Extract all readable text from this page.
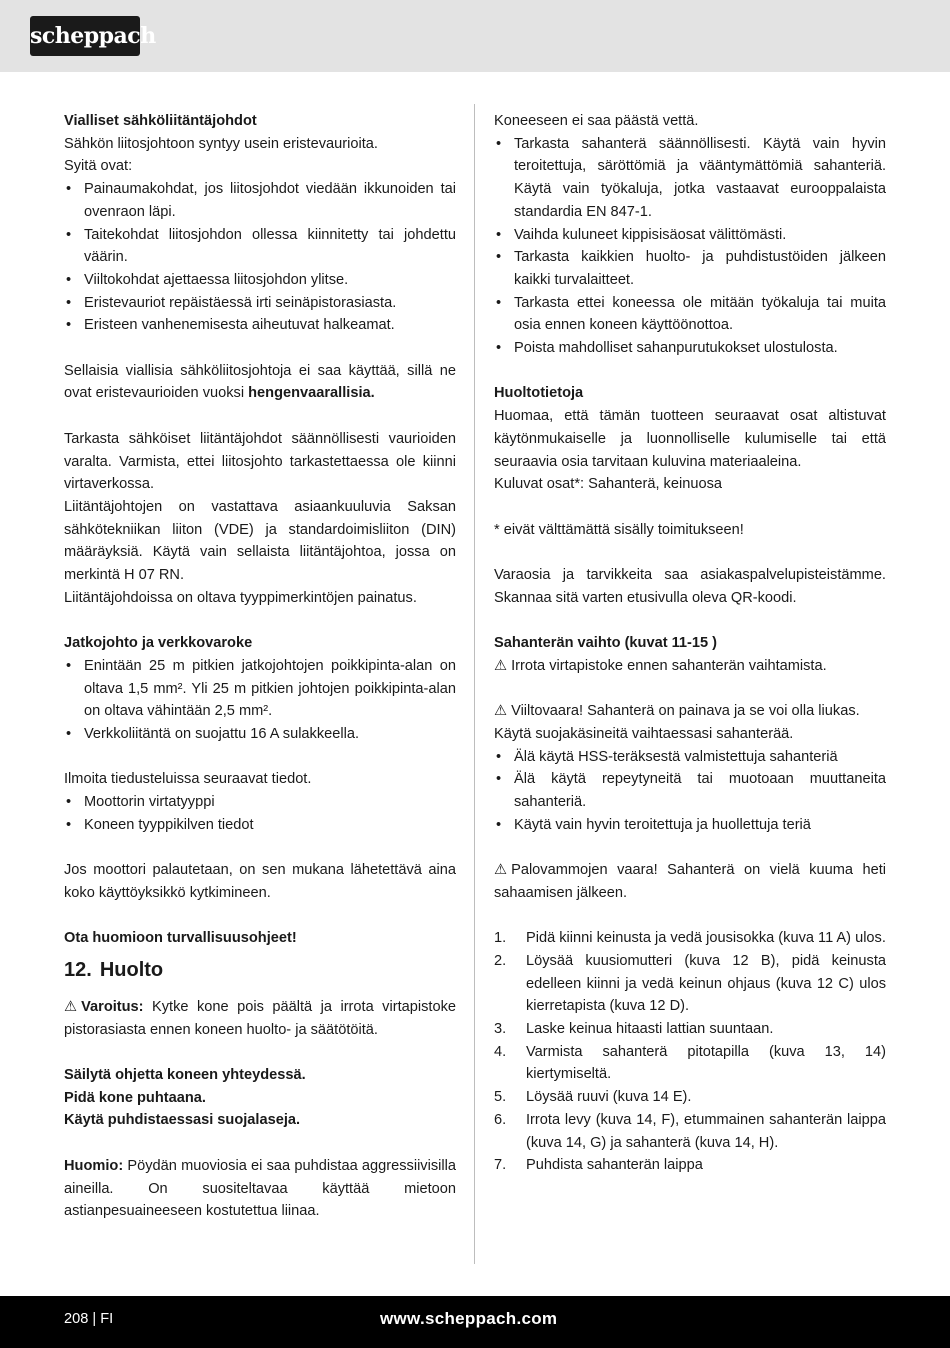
scheppach

Vialliset sähköliitäntäjohdot

Sähkön liitosjohtoon syntyy usein eristevaurioita.

Syitä ovat:

• Painaumakohdat, jos liitosjohdot viedään ikkunoiden tai ovenraon läpi.
• Taitekohdat liitosjohdon ollessa kiinnitetty tai johdettu väärin.
• Viiltokohdat ajettaessa liitosjohdon ylitse.
• Eristevauriot repäistäessä irti seinäpistorasiasta.
• Eristeen vanhenemisesta aiheutuvat halkeamat.

Sellaisia viallisia sähköliitosjohtoja ei saa käyttää, sillä ne ovat eristevaurioiden vuoksi hengenvaarallisia.

Tarkasta sähköiset liitäntäjohdot säännöllisesti vaurioiden varalta. Varmista, ettei liitosjohto tarkastettaessa ole kiinni virtaverkossa.

Liitäntäjohtojen on vastattava asiaankuuluvia Saksan sähkötekniikan liiton (VDE) ja standardoimisliiton (DIN) määräyksiä. Käytä vain sellaista liitäntäjohtoa, jossa on merkintä H 07 RN.

Liitäntäjohdoissa on oltava tyyppimerkintöjen painatus.

Jatkojohto ja verkkovaroke

• Enintään 25 m pitkien jatkojohtojen poikkipinta-alan on oltava 1,5 mm². Yli 25 m pitkien johtojen poikkipinta-alan on oltava vähintään 2,5 mm².
• Verkkoliitäntä on suojattu 16 A sulakkeella.

Ilmoita tiedusteluissa seuraavat tiedot.

• Moottorin virtatyyppi
• Koneen tyyppikilven tiedot

Jos moottori palautetaan, on sen mukana lähetettävä aina koko käyttöyksikkö kytkimineen.

Ota huomioon turvallisuusohjeet!

12. Huolto

⚠ Varoitus: Kytke kone pois päältä ja irrota virtapistoke pistorasiasta ennen koneen huolto- ja säätötöitä.

Säilytä ohjetta koneen yhteydessä.

Pidä kone puhtaana.

Käytä puhdistaessasi suojalaseja.

Huomio: Pöydän muoviosia ei saa puhdistaa aggressiivisilla aineilla. On suositeltavaa käyttää mietoon astianpesuaineeseen kostutettua liinaa.

Koneeseen ei saa päästä vettä.

• Tarkasta sahanterä säännöllisesti. Käytä vain hyvin teroitettuja, säröttömiä ja vääntymättömiä sahanteriä. Käytä vain työkaluja, jotka vastaavat eurooppalaista standardia EN 847-1.
• Vaihda kuluneet kippisisäosat välittömästi.
• Tarkasta kaikkien huolto- ja puhdistustöiden jälkeen kaikki turvalaitteet.
• Tarkasta ettei koneessa ole mitään työkaluja tai muita osia ennen koneen käyttöönottoa.
• Poista mahdolliset sahanpurutukokset ulostulosta.

Huoltotietoja

Huomaa, että tämän tuotteen seuraavat osat altistuvat käytönmukaiselle ja luonnolliselle kulumiselle tai että seuraavia osia tarvitaan kuluvina materiaaleina.

Kuluvat osat*: Sahanterä, keinuosa

* eivät välttämättä sisälly toimitukseen!

Varaosia ja tarvikkeita saa asiakaspalvelupisteistämme. Skannaa sitä varten etusivulla oleva QR-koodi.

Sahanterän vaihto (kuvat 11-15 )

⚠ Irrota virtapistoke ennen sahanterän vaihtamista.

⚠ Viiltovaara! Sahanterä on painava ja se voi olla liukas.

Käytä suojakäsineitä vaihtaessasi sahanterää.

• Älä käytä HSS-teräksestä valmistettuja sahanteriä
• Älä käytä repeytyneitä tai muotoaan muuttaneita sahanteriä.
• Käytä vain hyvin teroitettuja ja huollettuja teriä

⚠ Palovammojen vaara! Sahanterä on vielä kuuma heti sahaamisen jälkeen.

1. Pidä kiinni keinusta ja vedä jousisokka (kuva 11 A) ulos.
2. Löysää kuusiomutteri (kuva 12 B), pidä keinusta edelleen kiinni ja vedä keinun ohjaus (kuva 12 C) ulos kierretapista (kuva 12 D).
3. Laske keinua hitaasti lattian suuntaan.
4. Varmista sahanterä pitotapilla (kuva 13, 14) kiertymiseltä.
5. Löysää ruuvi (kuva 14 E).
6. Irrota levy (kuva 14, F), etummainen sahanterän laippa (kuva 14, G) ja sahanterä (kuva 14, H).
7. Puhdista sahanterän laippa
208 | FI	www.scheppach.com
